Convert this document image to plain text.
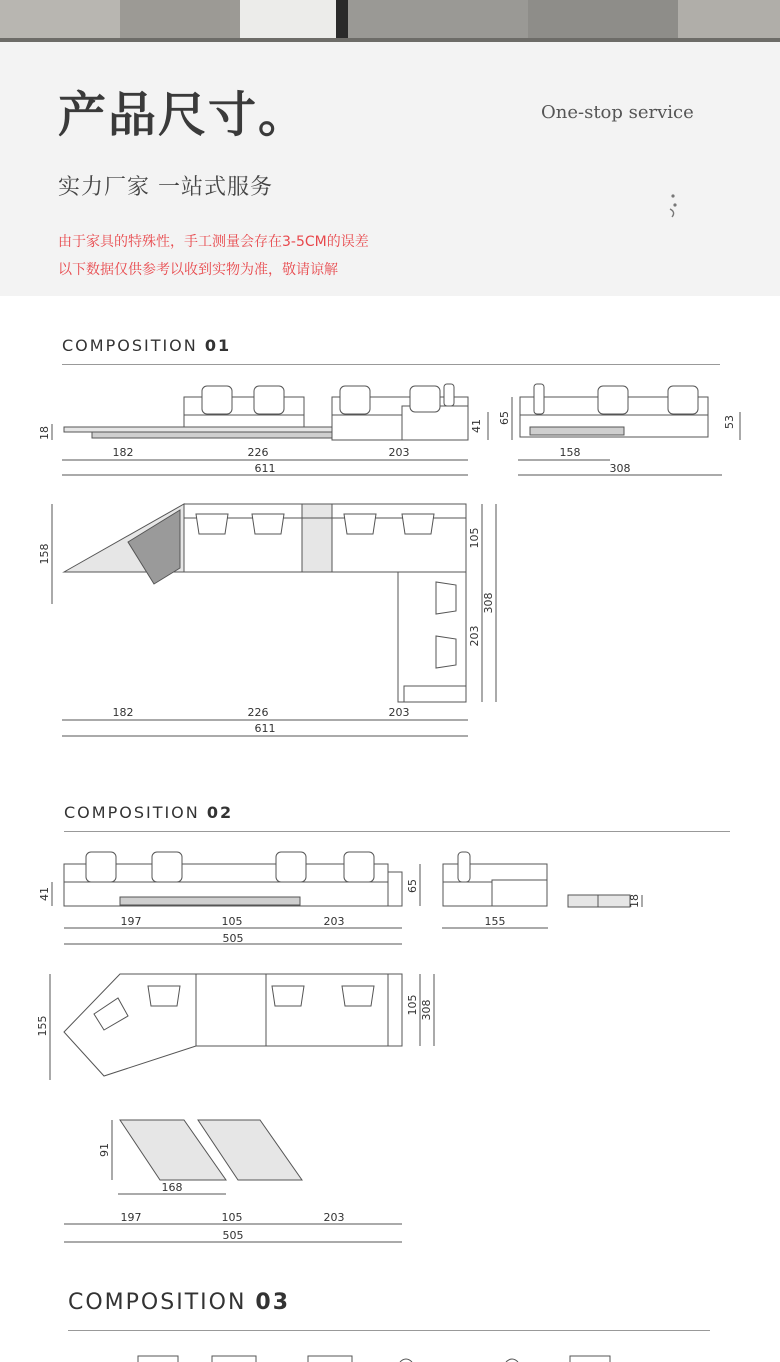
产品尺寸。
实力厂家 一站式服务
One-stop service
由于家具的特殊性，手工测量会存在3-5CM的误差
以下数据仅供参考以收到实物为准，敬请谅解
COMPOSITION 01
182	226	203
611
158
308
182	226	203
611
18	41
65	53
158
105
203
308
COMPOSITION 02
197	105	203
505
155
41
65
18
155
105 308
91
168
197	105	203
505
COMPOSITION 03
